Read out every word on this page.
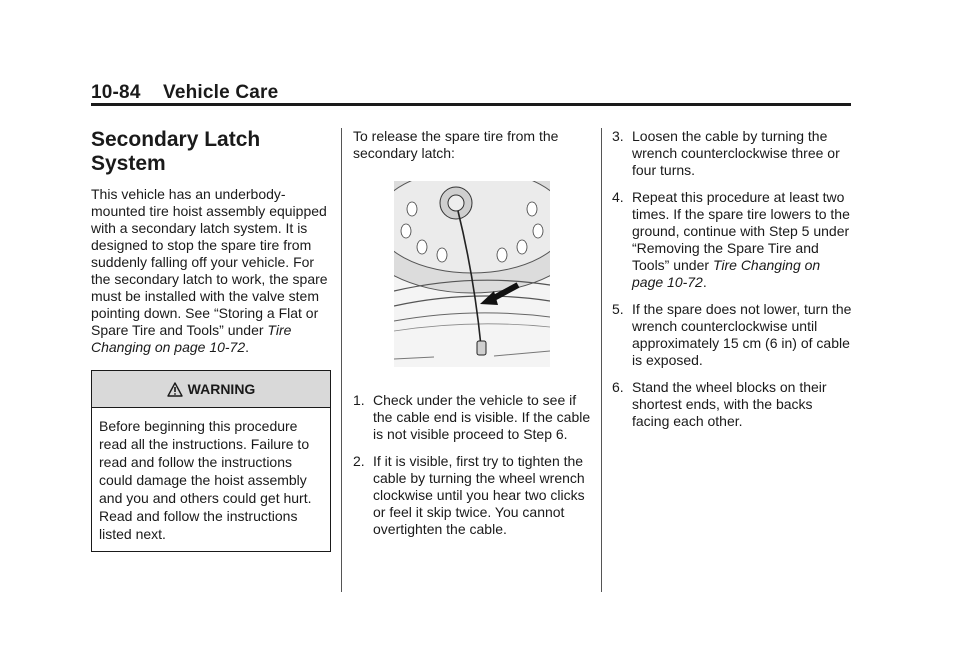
10-84 Vehicle Care
Secondary Latch System

This vehicle has an underbody-mounted tire hoist assembly equipped with a secondary latch system. It is designed to stop the spare tire from suddenly falling off your vehicle. For the secondary latch to work, the spare must be installed with the valve stem pointing down. See “Storing a Flat or Spare Tire and Tools” under Tire Changing on page 10-72.

WARNING
Before beginning this procedure read all the instructions. Failure to read and follow the instructions could damage the hoist assembly and you and others could get hurt. Read and follow the instructions listed next.

To release the spare tire from the secondary latch:

1. Check under the vehicle to see if the cable end is visible. If the cable is not visible proceed to Step 6.
2. If it is visible, first try to tighten the cable by turning the wheel wrench clockwise until you hear two clicks or feel it skip twice. You cannot overtighten the cable.
3. Loosen the cable by turning the wrench counterclockwise three or four turns.
4. Repeat this procedure at least two times. If the spare tire lowers to the ground, continue with Step 5 under “Removing the Spare Tire and Tools” under Tire Changing on page 10-72.
5. If the spare does not lower, turn the wrench counterclockwise until approximately 15 cm (6 in) of cable is exposed.
6. Stand the wheel blocks on their shortest ends, with the backs facing each other.
